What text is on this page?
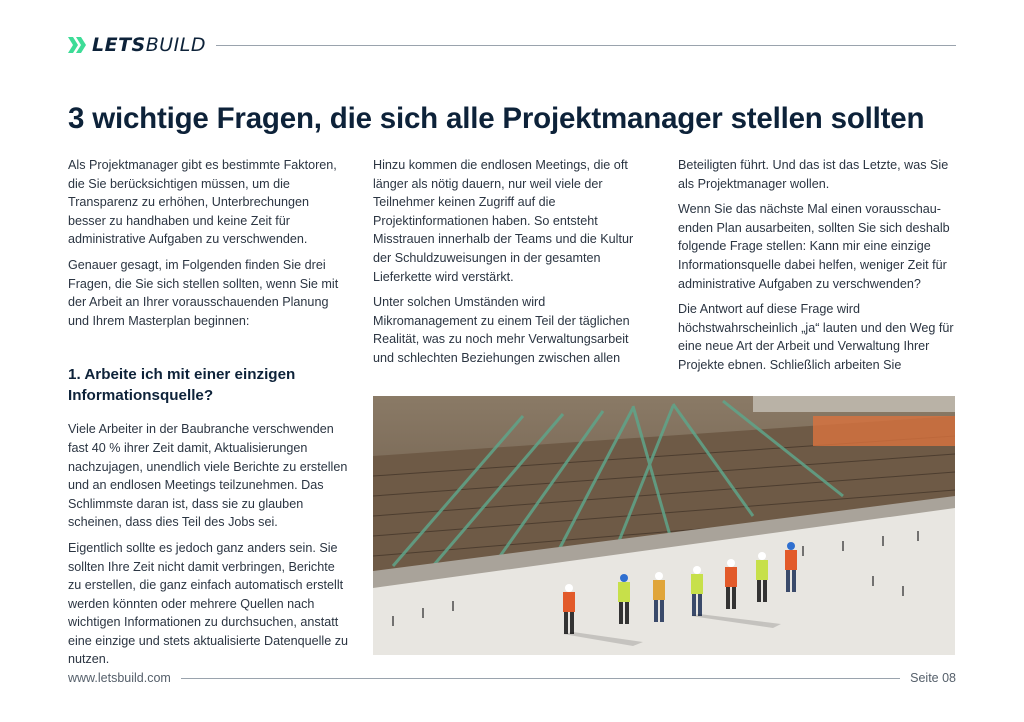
LETSBUILD
3 wichtige Fragen, die sich alle Projektmanager stellen sollten

Als Projektmanager gibt es bestimmte Faktoren, die Sie berücksichtigen müssen, um die Transparenz zu erhöhen, Unterbrechungen besser zu handhaben und keine Zeit für administrative Aufgaben zu verschwenden.

Genauer gesagt, im Folgenden finden Sie drei Fragen, die Sie sich stellen sollten, wenn Sie mit der Arbeit an Ihrer vorausschauenden Planung und Ihrem Masterplan beginnen:

1. Arbeite ich mit einer einzigen Informationsquelle?

Viele Arbeiter in der Baubranche verschwenden fast 40 % ihrer Zeit damit, Aktualisierungen nachzujagen, unendlich viele Berichte zu erstellen und an endlosen Meetings teilzunehmen. Das Schlimmste daran ist, dass sie zu glauben scheinen, dass dies Teil des Jobs sei.

Eigentlich sollte es jedoch ganz anders sein. Sie sollten Ihre Zeit nicht damit verbringen, Berichte zu erstellen, die ganz einfach automatisch erstellt werden könnten oder mehrere Quellen nach wichtigen Informationen zu durchsuchen, anstatt eine einzige und stets aktualisierte Datenquelle zu nutzen.

Hinzu kommen die endlosen Meetings, die oft länger als nötig dauern, nur weil viele der Teilnehmer keinen Zugriff auf die Projektinformationen haben. So entsteht Misstrauen innerhalb der Teams und die Kultur der Schuldzuweisungen in der gesamten Lieferkette wird verstärkt.

Unter solchen Umständen wird Mikromanagement zu einem Teil der täglichen Realität, was zu noch mehr Verwaltungsarbeit und schlechten Beziehungen zwischen allen

Beteiligten führt. Und das ist das Letzte, was Sie als Projektmanager wollen.

Wenn Sie das nächste Mal einen vorausschauenden Plan ausarbeiten, sollten Sie sich deshalb folgende Frage stellen: Kann mir eine einzige Informationsquelle dabei helfen, weniger Zeit für administrative Aufgaben zu verschwenden?

Die Antwort auf diese Frage wird höchstwahrscheinlich „ja“ lauten und den Weg für eine neue Art der Arbeit und Verwaltung Ihrer Projekte ebnen. Schließlich arbeiten Sie

www.letsbuild.com	Seite 08
